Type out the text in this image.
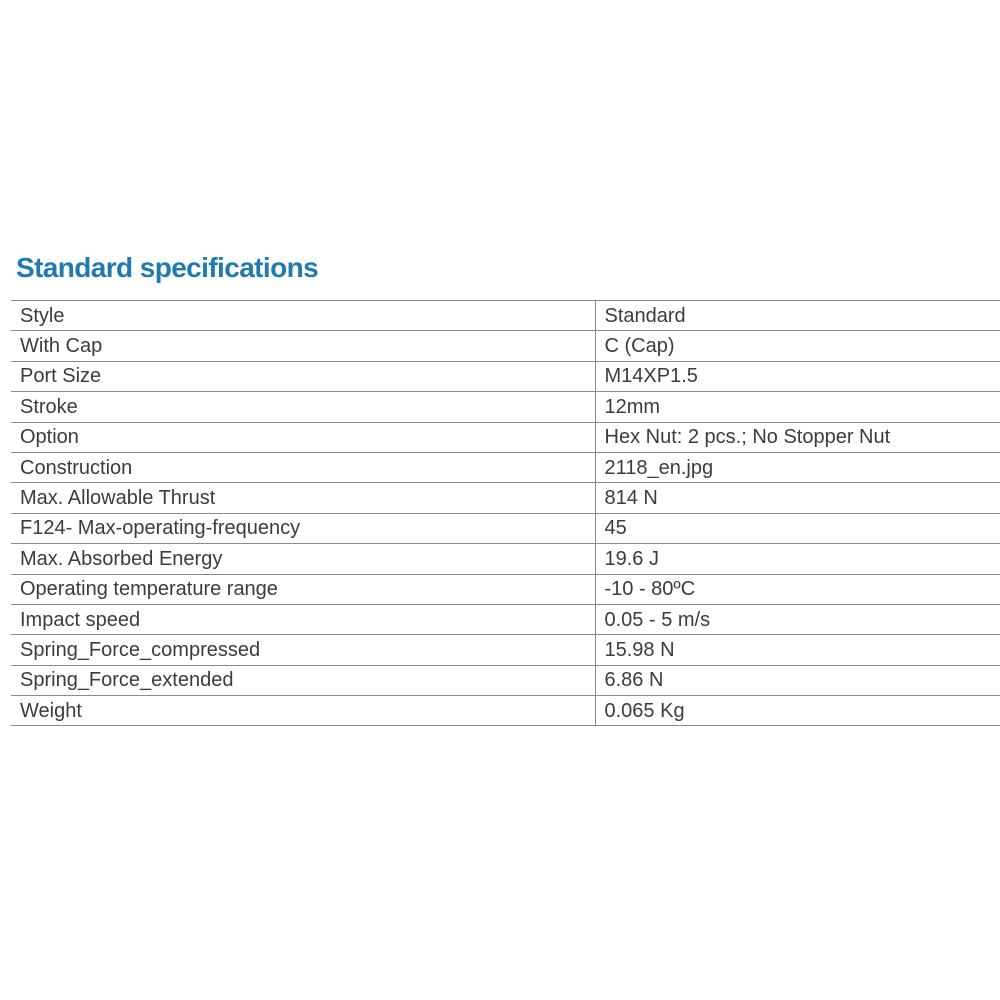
Standard specifications
Style	Standard
With Cap	C (Cap)
Port Size	M14XP1.5
Stroke	12mm
Option	Hex Nut: 2 pcs.; No Stopper Nut
Construction	2118_en.jpg
Max. Allowable Thrust	814 N
F124- Max-operating-frequency	45
Max. Absorbed Energy	19.6 J
Operating temperature range	-10 - 80ºC
Impact speed	0.05 - 5 m/s
Spring_Force_compressed	15.98 N
Spring_Force_extended	6.86 N
Weight	0.065 Kg
